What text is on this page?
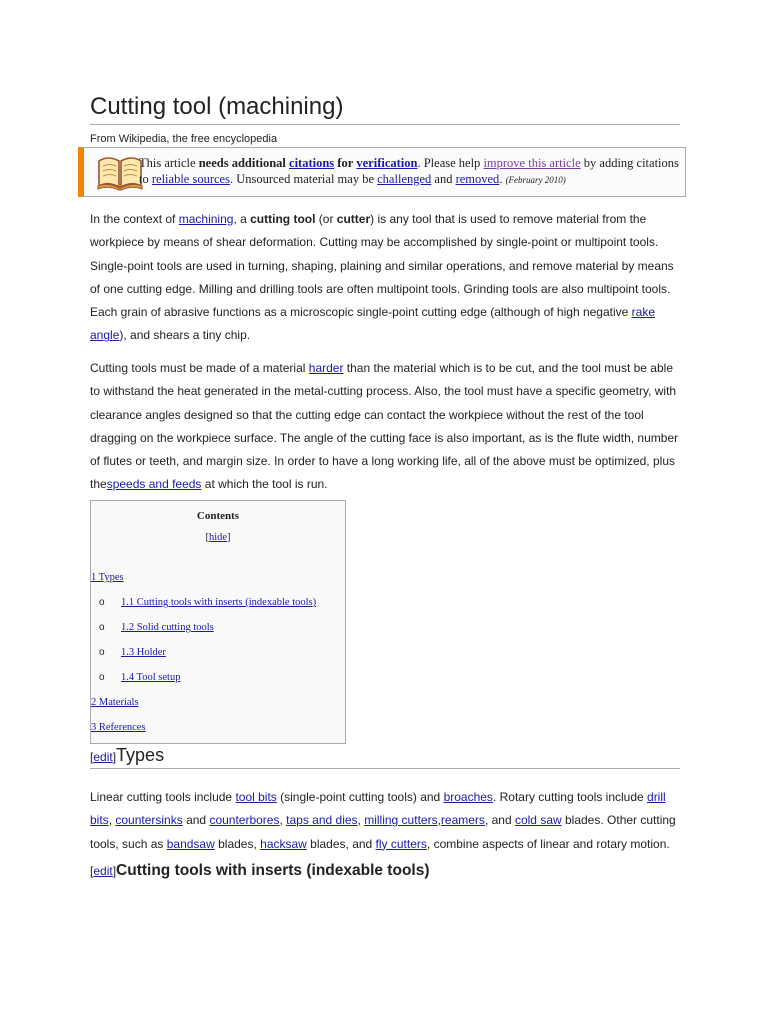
Cutting tool (machining)
From Wikipedia, the free encyclopedia
This article needs additional citations for verification. Please help improve this article by adding citations to reliable sources. Unsourced material may be challenged and removed. (February 2010)
In the context of machining, a cutting tool (or cutter) is any tool that is used to remove material from the workpiece by means of shear deformation. Cutting may be accomplished by single-point or multipoint tools. Single-point tools are used in turning, shaping, plaining and similar operations, and remove material by means of one cutting edge. Milling and drilling tools are often multipoint tools. Grinding tools are also multipoint tools. Each grain of abrasive functions as a microscopic single-point cutting edge (although of high negative rake angle), and shears a tiny chip.
Cutting tools must be made of a material harder than the material which is to be cut, and the tool must be able to withstand the heat generated in the metal-cutting process. Also, the tool must have a specific geometry, with clearance angles designed so that the cutting edge can contact the workpiece without the rest of the tool dragging on the workpiece surface. The angle of the cutting face is also important, as is the flute width, number of flutes or teeth, and margin size. In order to have a long working life, all of the above must be optimized, plus thespeeds and feeds at which the tool is run.
Contents
[hide]
1 Types
o 1.1 Cutting tools with inserts (indexable tools)
o 1.2 Solid cutting tools
o 1.3 Holder
o 1.4 Tool setup
2 Materials
3 References
[edit]Types
Linear cutting tools include tool bits (single-point cutting tools) and broaches. Rotary cutting tools include drill bits, countersinks and counterbores, taps and dies, milling cutters,reamers, and cold saw blades. Other cutting tools, such as bandsaw blades, hacksaw blades, and fly cutters, combine aspects of linear and rotary motion.
[edit]Cutting tools with inserts (indexable tools)
